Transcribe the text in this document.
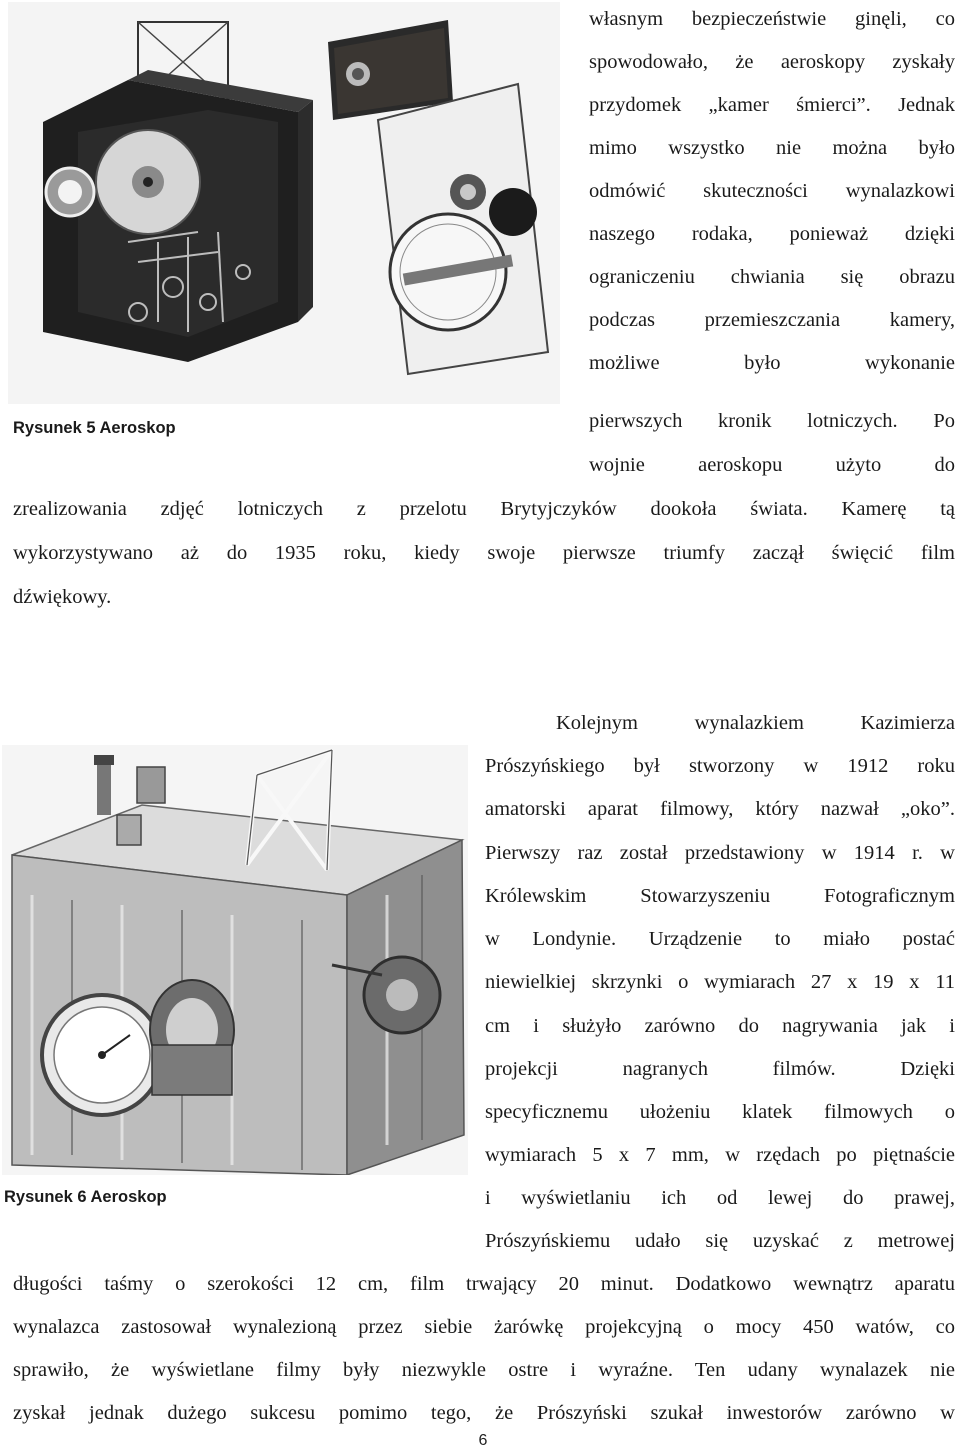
Rysunek 5 Aeroskop
własnym bezpieczeństwie ginęli, co
spowodowało, że aeroskopy zyskały
przydomek „kamer śmierci”. Jednak
mimo wszystko nie można było
odmówić skuteczności wynalazkowi
naszego rodaka, ponieważ dzięki
ograniczeniu chwiania się obrazu
podczas przemieszczania kamery,
możliwe było wykonanie
pierwszych kronik lotniczych. Po
wojnie aeroskopu użyto do
zrealizowania zdjęć lotniczych z przelotu Brytyjczyków dookoła świata. Kamerę tą
wykorzystywano aż do 1935 roku, kiedy swoje pierwsze triumfy zaczął święcić film
dźwiękowy.
Rysunek 6 Aeroskop
Kolejnym wynalazkiem Kazimierza
Prószyńskiego był stworzony w 1912 roku
amatorski aparat filmowy, który nazwał „oko”.
Pierwszy raz został przedstawiony w 1914 r. w
Królewskim Stowarzyszeniu Fotograficznym
w Londynie. Urządzenie to miało postać
niewielkiej skrzynki o wymiarach 27 x 19 x 11
cm i służyło zarówno do nagrywania jak i
projekcji nagranych filmów. Dzięki
specyficznemu ułożeniu klatek filmowych o
wymiarach 5 x 7 mm, w rzędach po piętnaście
i wyświetlaniu ich od lewej do prawej,
Prószyńskiemu udało się uzyskać z metrowej
długości taśmy o szerokości 12 cm, film trwający 20 minut. Dodatkowo wewnątrz aparatu
wynalazca zastosował wynalezioną przez siebie żarówkę projekcyjną o mocy 450 watów, co
sprawiło, że wyświetlane filmy były niezwykle ostre i wyraźne. Ten udany wynalazek nie
zyskał jednak dużego sukcesu pomimo tego, że Prószyński szukał inwestorów zarówno w
6
